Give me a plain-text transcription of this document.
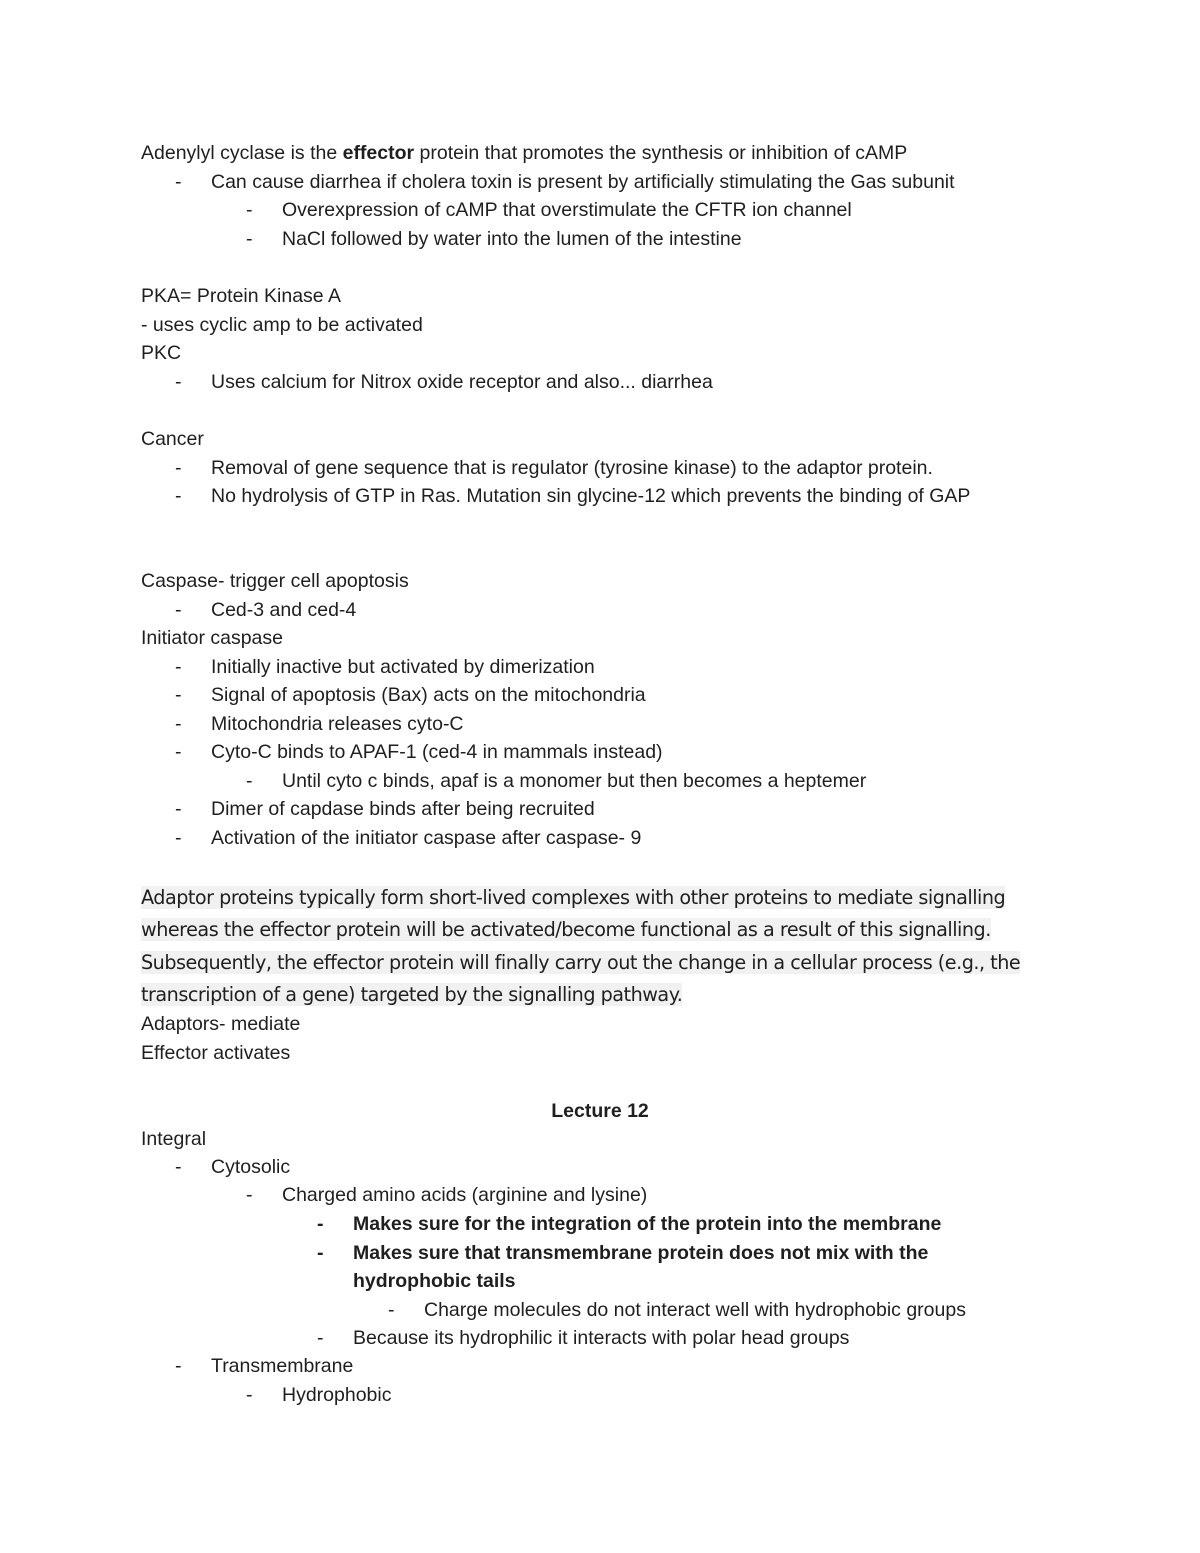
Adenylyl cyclase is the effector protein that promotes the synthesis or inhibition of cAMP
- Can cause diarrhea if cholera toxin is present by artificially stimulating the Gas subunit
- Overexpression of cAMP that overstimulate the CFTR ion channel
- NaCl followed by water into the lumen of the intestine
PKA= Protein Kinase A
- uses cyclic amp to be activated
PKC
- Uses calcium for Nitrox oxide receptor and also... diarrhea
Cancer
- Removal of gene sequence that is regulator (tyrosine kinase) to the adaptor protein.
- No hydrolysis of GTP in Ras. Mutation sin glycine-12 which prevents the binding of GAP
Caspase- trigger cell apoptosis
- Ced-3 and ced-4
Initiator caspase
- Initially inactive but activated by dimerization
- Signal of apoptosis (Bax) acts on the mitochondria
- Mitochondria releases cyto-C
- Cyto-C binds to APAF-1 (ced-4 in mammals instead)
- Until cyto c binds, apaf is a monomer but then becomes a heptemer
- Dimer of capdase binds after being recruited
- Activation of the initiator caspase after caspase- 9
Adaptor proteins typically form short-lived complexes with other proteins to mediate signalling whereas the effector protein will be activated/become functional as a result of this signalling. Subsequently, the effector protein will finally carry out the change in a cellular process (e.g., the transcription of a gene) targeted by the signalling pathway.
Adaptors- mediate
Effector activates
Lecture 12
Integral
- Cytosolic
- Charged amino acids (arginine and lysine)
- Makes sure for the integration of the protein into the membrane
- Makes sure that transmembrane protein does not mix with the
hydrophobic tails
- Charge molecules do not interact well with hydrophobic groups
- Because its hydrophilic it interacts with polar head groups
- Transmembrane
- Hydrophobic
